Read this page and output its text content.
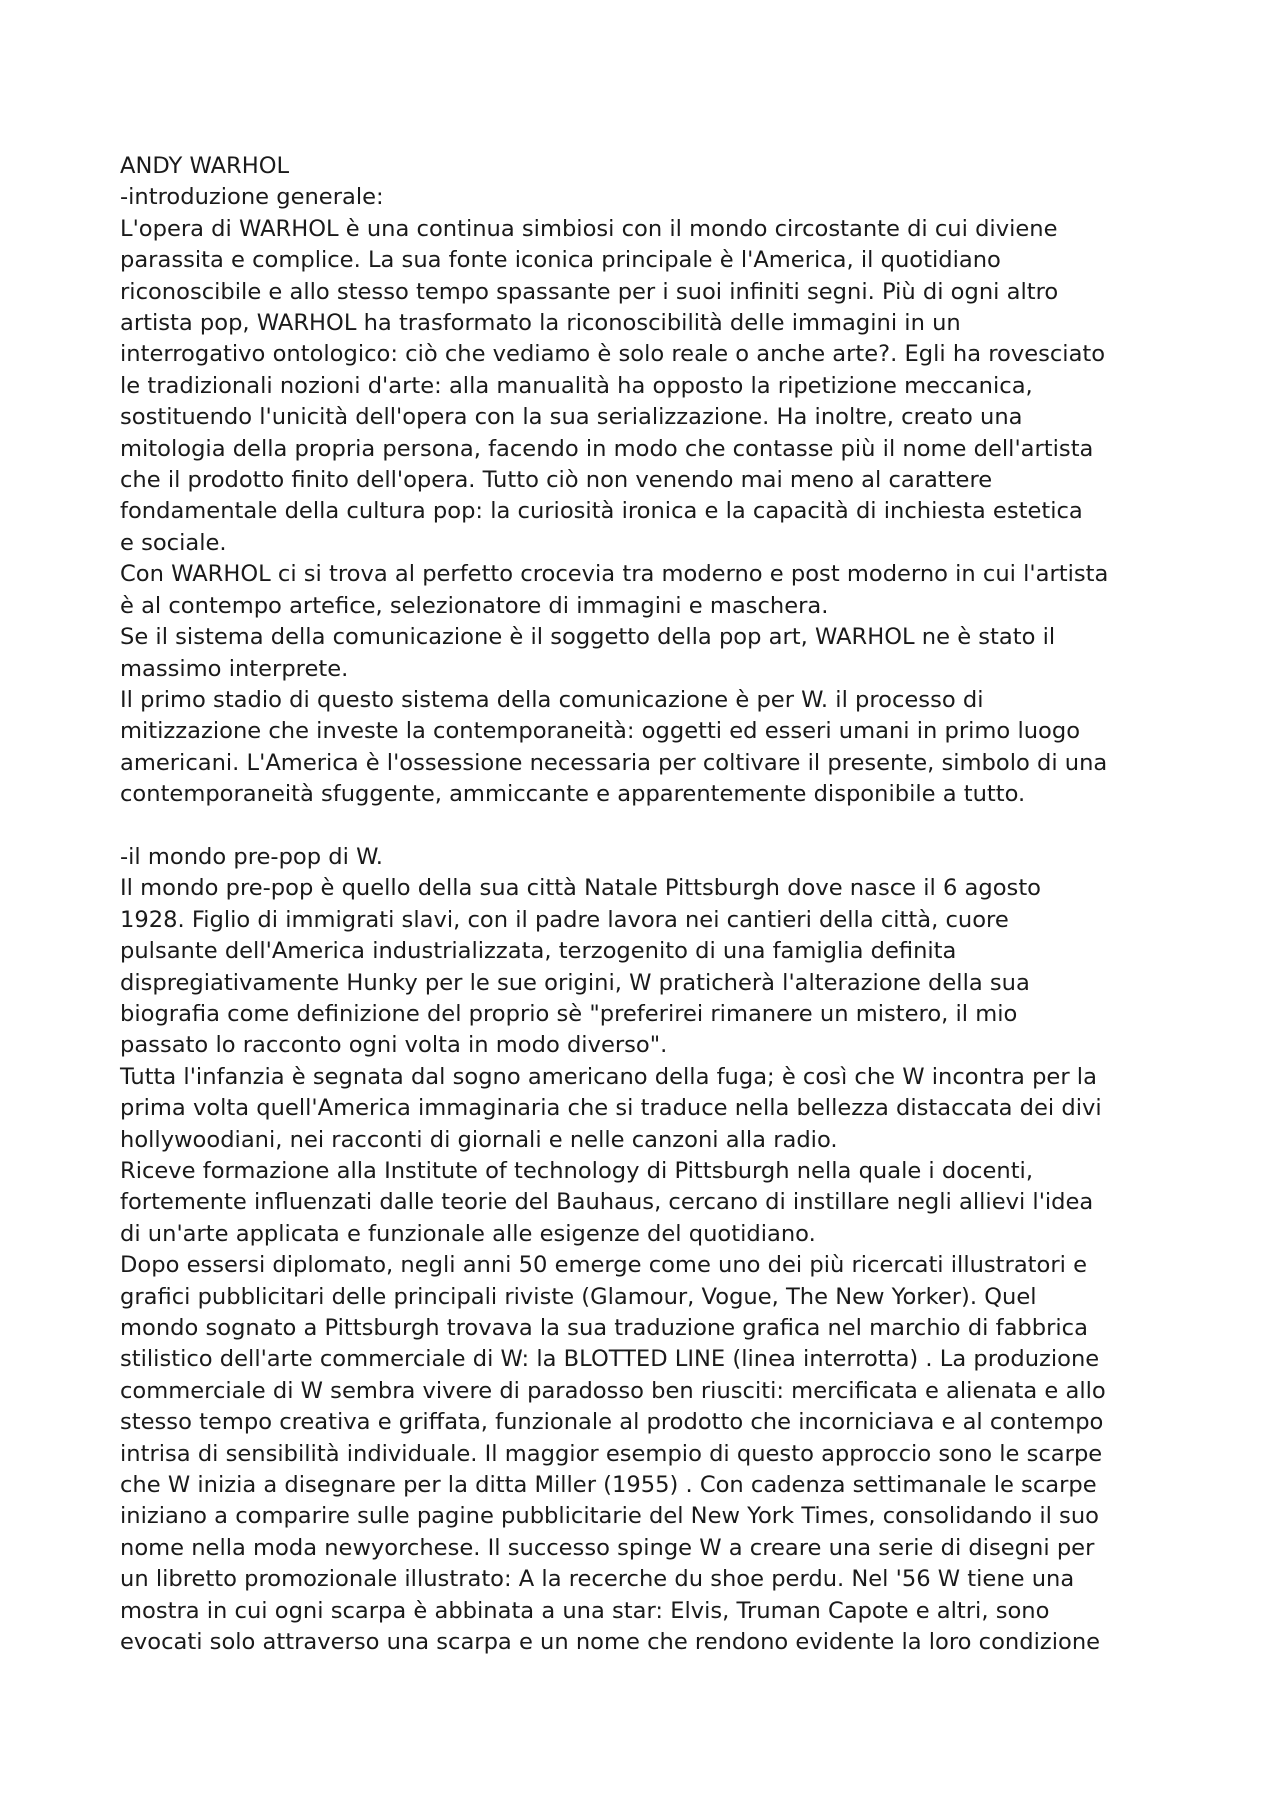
ANDY WARHOL
-introduzione generale:
L'opera di WARHOL è una continua simbiosi con il mondo circostante di cui diviene
parassita e complice. La sua fonte iconica principale è l'America, il quotidiano
riconoscibile e allo stesso tempo spassante per i suoi infiniti segni. Più di ogni altro
artista pop, WARHOL ha trasformato la riconoscibilità delle immagini in un
interrogativo ontologico: ciò che vediamo è solo reale o anche arte?. Egli ha rovesciato
le tradizionali nozioni d'arte: alla manualità ha opposto la ripetizione meccanica,
sostituendo l'unicità dell'opera con la sua serializzazione. Ha inoltre, creato una
mitologia della propria persona, facendo in modo che contasse più il nome dell'artista
che il prodotto finito dell'opera. Tutto ciò non venendo mai meno al carattere
fondamentale della cultura pop: la curiosità ironica e la capacità di inchiesta estetica
e sociale.
Con WARHOL ci si trova al perfetto crocevia tra moderno e post moderno in cui l'artista
è al contempo artefice, selezionatore di immagini e maschera.
Se il sistema della comunicazione è il soggetto della pop art, WARHOL ne è stato il
massimo interprete.
Il primo stadio di questo sistema della comunicazione è per W. il processo di
mitizzazione che investe la contemporaneità: oggetti ed esseri umani in primo luogo
americani. L'America è l'ossessione necessaria per coltivare il presente, simbolo di una
contemporaneità sfuggente, ammiccante e apparentemente disponibile a tutto.
-il mondo pre-pop di W.
Il mondo pre-pop è quello della sua città Natale Pittsburgh dove nasce il 6 agosto
1928. Figlio di immigrati slavi, con il padre lavora nei cantieri della città, cuore
pulsante dell'America industrializzata, terzogenito di una famiglia definita
dispregiativamente Hunky per le sue origini, W praticherà l'alterazione della sua
biografia come definizione del proprio sè "preferirei rimanere un mistero, il mio
passato lo racconto ogni volta in modo diverso".
Tutta l'infanzia è segnata dal sogno americano della fuga; è così che W incontra per la
prima volta quell'America immaginaria che si traduce nella bellezza distaccata dei divi
hollywoodiani, nei racconti di giornali e nelle canzoni alla radio.
Riceve formazione alla Institute of technology di Pittsburgh nella quale i docenti,
fortemente influenzati dalle teorie del Bauhaus, cercano di instillare negli allievi l'idea
di un'arte applicata e funzionale alle esigenze del quotidiano.
Dopo essersi diplomato, negli anni 50 emerge come uno dei più ricercati illustratori e
grafici pubblicitari delle principali riviste (Glamour, Vogue, The New Yorker). Quel
mondo sognato a Pittsburgh trovava la sua traduzione grafica nel marchio di fabbrica
stilistico dell'arte commerciale di W: la BLOTTED LINE (linea interrotta) . La produzione
commerciale di W sembra vivere di paradosso ben riusciti: mercificata e alienata e allo
stesso tempo creativa e griffata, funzionale al prodotto che incorniciava e al contempo
intrisa di sensibilità individuale. Il maggior esempio di questo approccio sono le scarpe
che W inizia a disegnare per la ditta Miller (1955) . Con cadenza settimanale le scarpe
iniziano a comparire sulle pagine pubblicitarie del New York Times, consolidando il suo
nome nella moda newyorchese. Il successo spinge W a creare una serie di disegni per
un libretto promozionale illustrato: A la recerche du shoe perdu. Nel '56 W tiene una
mostra in cui ogni scarpa è abbinata a una star: Elvis, Truman Capote e altri, sono
evocati solo attraverso una scarpa e un nome che rendono evidente la loro condizione
